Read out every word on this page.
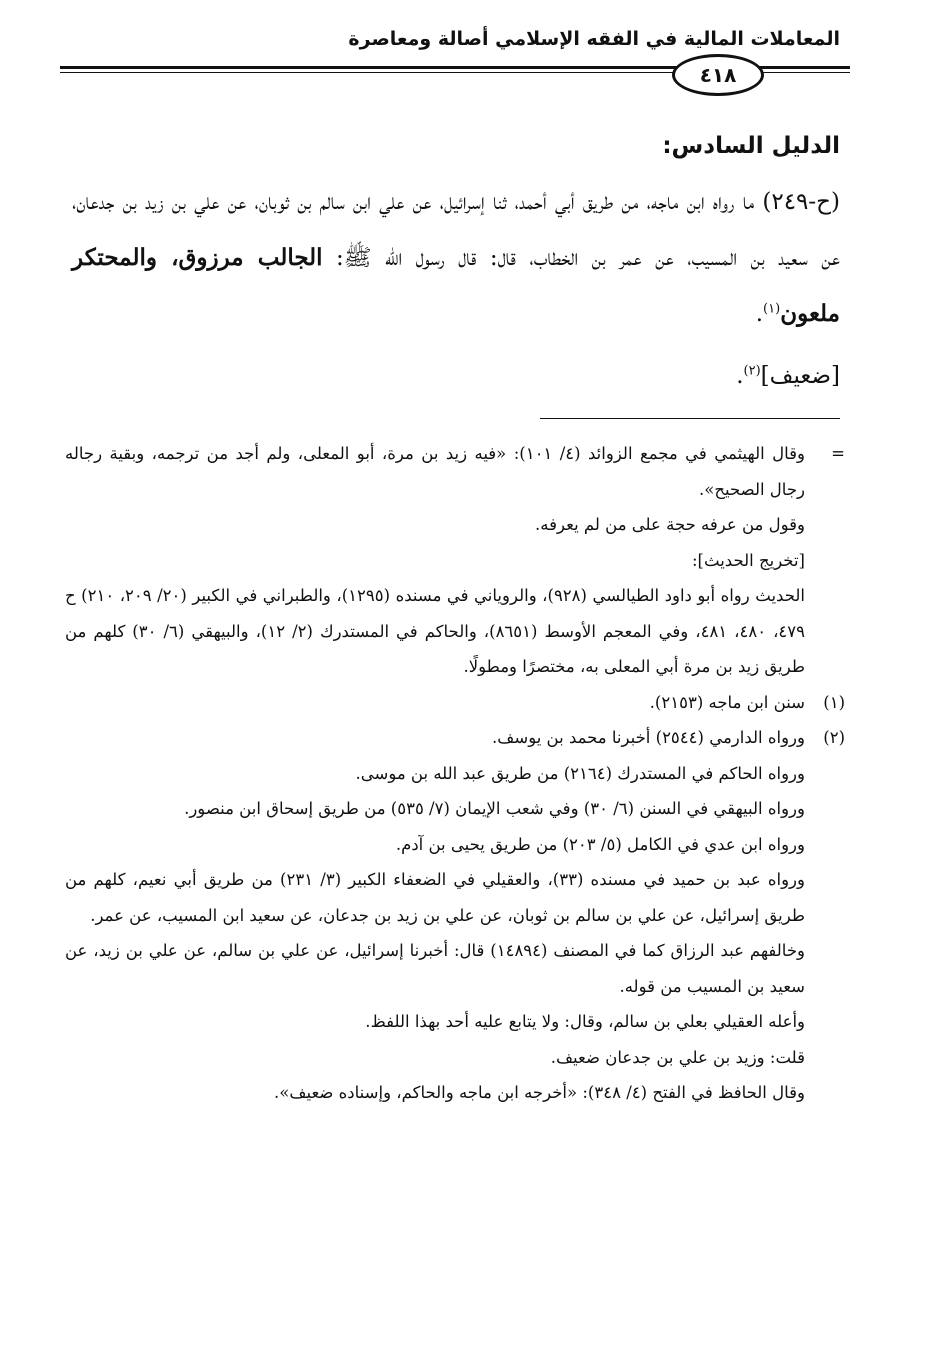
المعاملات المالية في الفقه الإسلامي أصالة ومعاصرة
٤١٨

الدليل السادس:

(ح-٢٤٩) ما رواه ابن ماجه، من طريق أبي أحمد، ثنا إسرائيل، عن علي ابن سالم بن ثوبان، عن علي بن زيد بن جدعان، عن سعيد بن المسيب، عن عمر بن الخطاب، قال: قال رسول الله ﷺ: الجالب مرزوق، والمحتكر ملعون$^{(١)}$.

[ضعيف]$^{(٢)}$.

=

وقال الهيثمي في مجمع الزوائد (٤/ ١٠١): «فيه زيد بن مرة، أبو المعلى، ولم أجد من ترجمه، وبقية رجاله رجال الصحيح».

وقول من عرفه حجة على من لم يعرفه.

[تخريج الحديث]:

الحديث رواه أبو داود الطيالسي (٩٢٨)، والروياني في مسنده (١٢٩٥)، والطبراني في الكبير (٢٠/ ٢٠٩، ٢١٠) ح ٤٧٩، ٤٨٠، ٤٨١، وفي المعجم الأوسط (٨٦٥١)، والحاكم في المستدرك (٢/ ١٢)، والبيهقي (٦/ ٣٠) كلهم من طريق زيد بن مرة أبي المعلى به، مختصرًا ومطولًا.

(١)

سنن ابن ماجه (٢١٥٣).

(٢)

ورواه الدارمي (٢٥٤٤) أخبرنا محمد بن يوسف.

ورواه الحاكم في المستدرك (٢١٦٤) من طريق عبد الله بن موسى.

ورواه البيهقي في السنن (٦/ ٣٠) وفي شعب الإيمان (٧/ ٥٣٥) من طريق إسحاق ابن منصور.

ورواه ابن عدي في الكامل (٥/ ٢٠٣) من طريق يحيى بن آدم.

ورواه عبد بن حميد في مسنده (٣٣)، والعقيلي في الضعفاء الكبير (٣/ ٢٣١) من طريق أبي نعيم، كلهم من طريق إسرائيل، عن علي بن سالم بن ثوبان، عن علي بن زيد بن جدعان، عن سعيد ابن المسيب، عن عمر.

وخالفهم عبد الرزاق كما في المصنف (١٤٨٩٤) قال: أخبرنا إسرائيل، عن علي بن سالم، عن علي بن زيد، عن سعيد بن المسيب من قوله.

وأعله العقيلي بعلي بن سالم، وقال: ولا يتابع عليه أحد بهذا اللفظ.

قلت: وزيد بن علي بن جدعان ضعيف.

وقال الحافظ في الفتح (٤/ ٣٤٨): «أخرجه ابن ماجه والحاكم، وإسناده ضعيف».
